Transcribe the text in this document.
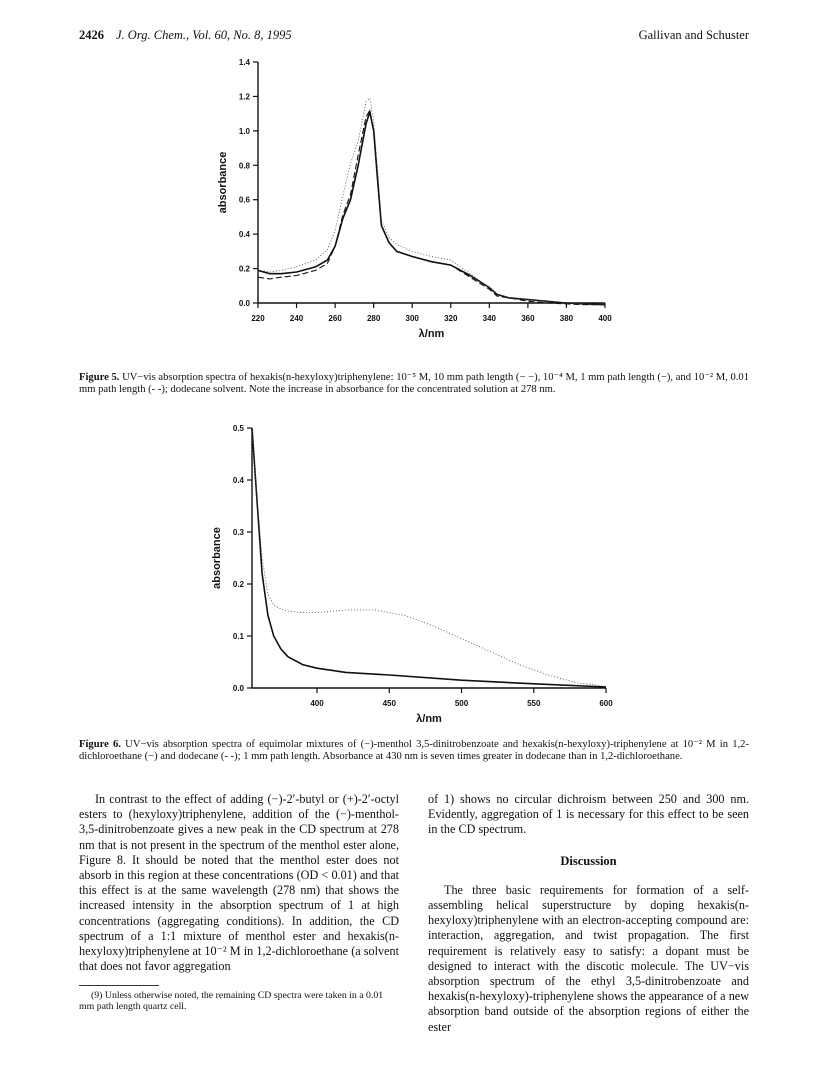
2426 J. Org. Chem., Vol. 60, No. 8, 1995	Gallivan and Schuster
0.0
0.2
0.4
0.6
0.8
1.0
1.2
1.4
220	240	260	280	300	320	340	360	380	400
λ/nm
absorbance
Figure 5. UV−vis absorption spectra of hexakis(n-hexyloxy)triphenylene: 10⁻⁵ M, 10 mm path length (− −), 10⁻⁴ M, 1 mm path length (−), and 10⁻² M, 0.01 mm path length (- -); dodecane solvent. Note the increase in absorbance for the concentrated solution at 278 nm.
0.0
0.1
0.2
0.3
0.4
0.5
400	450	500	550	600
λ/nm
absorbance
Figure 6. UV−vis absorption spectra of equimolar mixtures of (−)-menthol 3,5-dinitrobenzoate and hexakis(n-hexyloxy)-triphenylene at 10⁻² M in 1,2-dichloroethane (−) and dodecane (- -); 1 mm path length. Absorbance at 430 nm is seven times greater in dodecane than in 1,2-dichloroethane.

In contrast to the effect of adding (−)-2′-butyl or (+)-2′-octyl esters to (hexyloxy)triphenylene, addition of the (−)-menthol-3,5-dinitrobenzoate gives a new peak in the CD spectrum at 278 nm that is not present in the spectrum of the menthol ester alone, Figure 8. It should be noted that the menthol ester does not absorb in this region at these concentrations (OD < 0.01) and that this effect is at the same wavelength (278 nm) that shows the increased intensity in the absorption spectrum of 1 at high concentrations (aggregating conditions). In addition, the CD spectrum of a 1:1 mixture of menthol ester and hexakis(n-hexyloxy)triphenylene at 10⁻² M in 1,2-dichloroethane (a solvent that does not favor aggregation

(9) Unless otherwise noted, the remaining CD spectra were taken in a 0.01 mm path length quartz cell.

of 1) shows no circular dichroism between 250 and 300 nm. Evidently, aggregation of 1 is necessary for this effect to be seen in the CD spectrum.

Discussion

The three basic requirements for formation of a self-assembling helical superstructure by doping hexakis(n-hexyloxy)triphenylene with an electron-accepting compound are: interaction, aggregation, and twist propagation. The first requirement is relatively easy to satisfy: a dopant must be designed to interact with the discotic molecule. The UV−vis absorption spectrum of the ethyl 3,5-dinitrobenzoate and hexakis(n-hexyloxy)-triphenylene shows the appearance of a new absorption band outside of the absorption regions of either the ester
